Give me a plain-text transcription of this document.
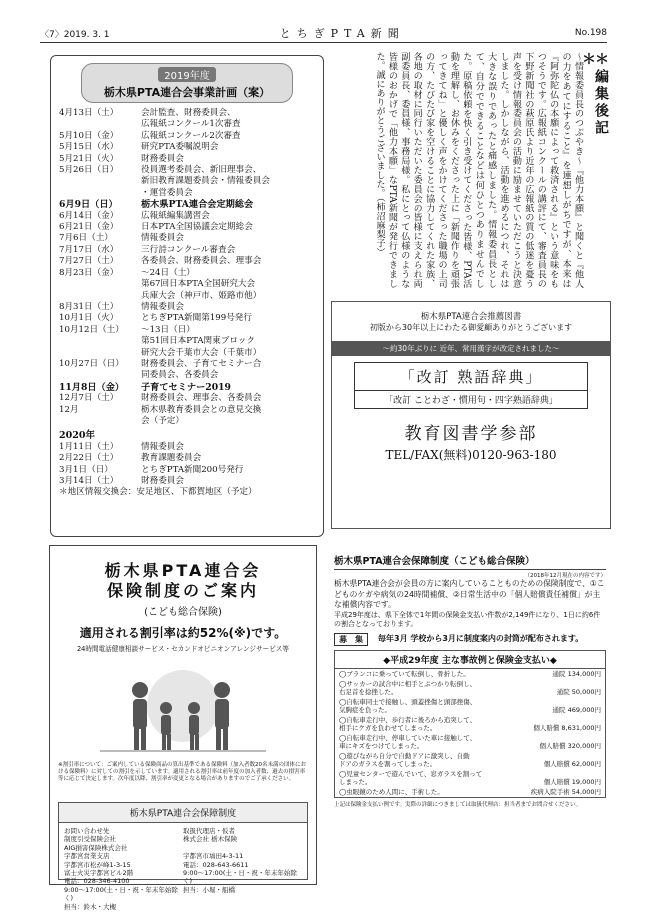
〈7〉2019. 3. 1	とちぎPTA新聞	No.198
2019年度
栃木県PTA連合会事業計画（案）
4月13日（土）	会計監査、財務委員会、
広報紙コンクール1次審査
5月10日（金）	広報紙コンクール2次審査
5月15日（水）	研究PTA委嘱説明会
5月21日（火）	財務委員会
5月26日（日）	役員選考委員会、新旧理事会、
新旧教育課題委員会・情報委員会
・運営委員会
6月9日（日）	栃木県PTA連合会定期総会
6月14日（金）	広報紙編集講習会
6月21日（金）	日本PTA全国協議会定期総会
7月6日（土）	情報委員会
7月17日（水）	三行詩コンクール審査会
7月27日（土）	各委員会、財務委員会、理事会
8月23日（金）	～24日（土）
第67回日本PTA全国研究大会
兵庫大会（神戸市、姫路市他）
8月31日（土）	情報委員会
10月1日（火）	とちぎPTA新聞第199号発行
10月12日（土）	～13日（日）
第51回日本PTA関東ブロック
研究大会千葉市大会（千葉市）
10月27日（日）	財務委員会、子育てセミナー合
同委員会、各委員会
11月8日（金）	子育てセミナー2019
12月7日（土）	財務委員会、理事会、各委員会
12月	栃木県教育委員会との意見交換
会（予定）
2020年
1月11日（土）	情報委員会
2月22日（土）	教育課題委員会
3月1日（日）	とちぎPTA新聞200号発行
3月14日（土）	財務委員会
＊地区情報交換会：安足地区、下都賀地区（予定）
＊編集後記＊
～情報委員長のつぶやき～『他力本願』と聞くと『他人の力をあてにすること』を連想しがちですが、本来は『阿弥陀仏の本願によって救済される』という意味をもつそうです。広報紙コンクールの講評にて、審査員長の下野新聞社の萩原氏より近年の広報紙の質の低迷を憂う声を受け情報委員会の活動に励ませていただこうと決意しました。しかしながら、活動を進めるにつれ、それは大きな誤りであったと痛感しました。情報委員長として、自分でできることなどは何ひとつありませんでした。原稿依頼を快く引き受けてくださった皆様、PTA活動を理解し、お休みをくださった上に「新聞作りを頑張ってきてね」と優しく声をかけてくださった職場の上司の方、たびたび家を空けることに協力してくれた家族、各地の取材に同行いただいた委員会の皆様に支えられ両副委員長、委員様、事務局様。私にとって仏様のような皆様のおかげで「他力本願」なPTA新聞が発行できました。誠にありがとうございました。（柿沼麻梨子）
栃木県PTA連合会推薦図書
初版から30年以上にわたる御愛顧ありがとうございます
～約30年ぶりに 近年、常用漢字が改定されました～
「改訂 熟語辞典」
「改訂 ことわざ・慣用句・四字熟語辞典」
教育図書学参部
TEL/FAX(無料)0120-963-180
栃木県PTA連合会
保険制度のご案内
(こども総合保険)
適用される割引率は約52%(※)です。
24時間電話健康相談サービス・セカンドオピニオンアレンジサービス等
※割引率について：ご案内している保険商品の算出基準である保険料（加入者数20名未満の団体における保険料）に対しての割引を示しています。適用される割引率は前年度の加入者数、過去の損害率等に応じて決定します。次年度以降、割引率が変更となる場合がありますのでご了承ください。
栃木県PTA連合会保障制度
お問い合わせ先
制度引受保険会社
AIG損害保険株式会社
宇都宮営業支店
宇都宮市松が峰1-3-15
富士火災宇都宮ビル2階
電話：028-346-4100
9:00～17:00(土・日・祝・年末年始除く)
担当：鈴木・大槻
取扱代理店・仮者
株式会社 栃木保険

宇都宮市塙田4-3-11
電話：028-643-6611
9:00～17:00(土・日・祝・年末年始除く)
担当：小堀・船橋
栃木県PTA連合会保障制度（こども総合保険）
（2018年12月現在の内容です）
栃木県PTA連合会が会員の方に案内していることものための保険制度で、①こどものケガや病気の24時間補償、②日常生活中の「個人賠償責任補償」が主な補償内容です。
平成29年度は、県下全体で1年間の保険金支払い件数が2,149件になり、1日に約6件の割合となっております。
募　集	毎年3月 学校から3月に制度案内の封筒が配布されます。
◆平成29年度 主な事故例と保険金支払い◆
◯ブランコに乗っていて転倒し、骨折した。	通院 134,000円
◯サッカーの試合中に相手とぶつかり転倒し、
右足首を捻挫した。	
通院 50,000円
◯自転車同士で接触し、頭蓋挫傷と頭部挫傷、
気胸症を負った。	
通院 469,000円
◯自転車走行中、歩行者に後ろから追突して、
相手にケガを負わせてしまった。	
個人賠償 8,631,000円
◯自転車走行中、停車していた車に接触して、
車にキズをつけてしまった。	
個人賠償 320,000円
◯遊びながら自分で自動ドアに激突し、自動
ドアのガラスを割ってしまった。	
個人賠償 62,000円
◯児童センターで遊んでいて、窓ガラスを割って
しまった。	
個人賠償 19,000円
◯虫眼鏡のため人間に、手術した。	疾病入院手術 54,000円
上記は保険金支払い例です。実際の詳細につきましては取扱代理店：担当者までお問合せください。
